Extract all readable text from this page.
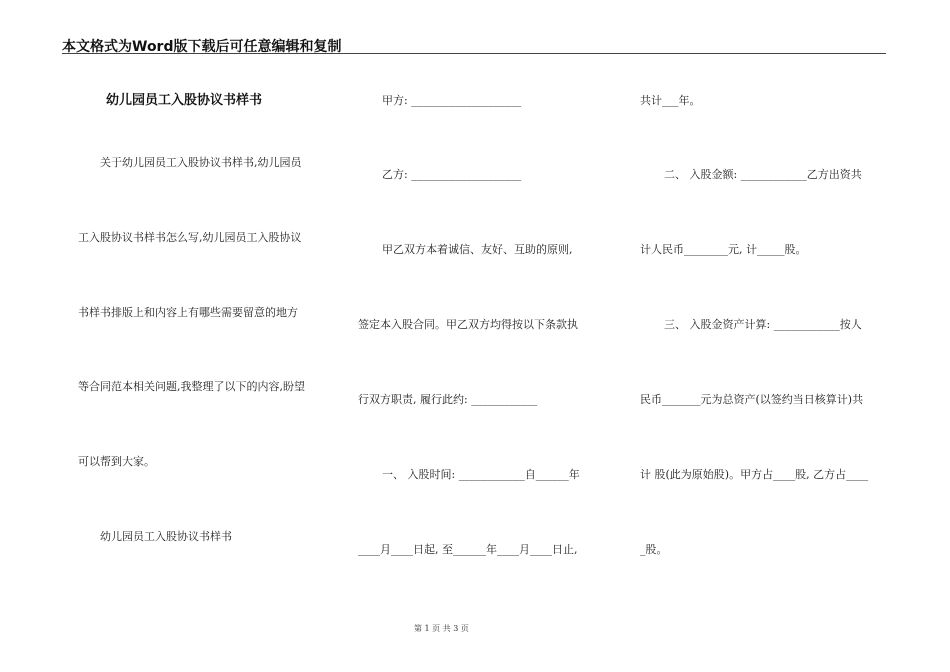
本文格式为Word版下载后可任意编辑和复制
幼儿园员工入股协议书样书
关于幼儿园员工入股协议书样书,幼儿园员
工入股协议书样书怎么写,幼儿园员工入股协议
书样书排版上和内容上有哪些需要留意的地方
等合同范本相关问题,我整理了以下的内容,盼望
可以帮到大家。
幼儿园员工入股协议书样书
甲方: ____________________
乙方: ____________________
甲乙双方本着诚信、友好、互助的原则,
签定本入股合同。甲乙双方均得按以下条款执
行双方职责, 履行此约: ____________
一、 入股时间: ____________自______年
____月____日起, 至______年____月____日止,
共计___年。
二、 入股金额: ____________乙方出资共
计人民币________元, 计_____股。
三、 入股金资产计算: ____________按人
民币_______元为总资产(以签约当日核算计)共
计 股(此为原始股)。甲方占____股, 乙方占____
_股。
第 1 页 共 3 页
